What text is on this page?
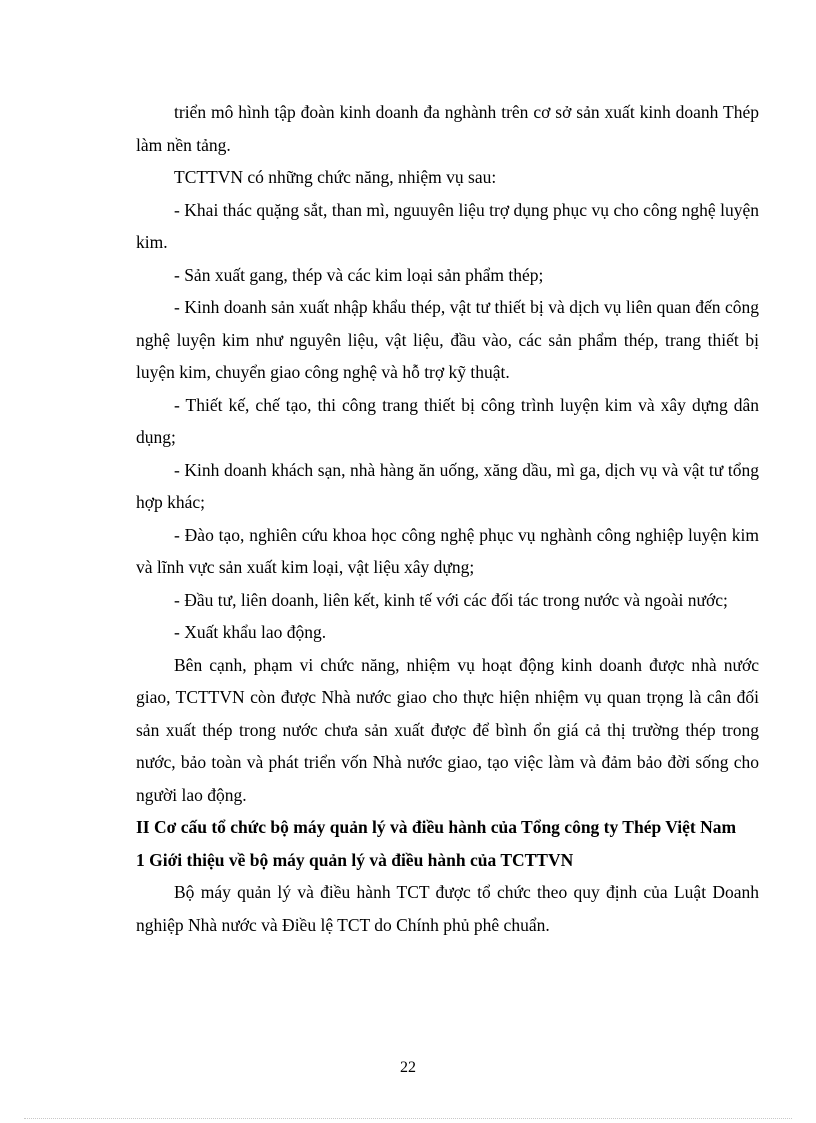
triển mô hình tập đoàn kinh doanh đa nghành trên cơ sở sản xuất kinh doanh Thép làm nền tảng.

TCTTVN có những chức năng, nhiệm vụ sau:

- Khai thác quặng sắt, than mì, nguuyên liệu trợ dụng phục vụ cho công nghệ luyện kim.

- Sản xuất gang, thép và các kim loại sản phẩm thép;

- Kinh doanh sản xuất nhập khẩu thép, vật tư thiết bị và dịch vụ liên quan đến công nghệ luyện kim như nguyên liệu, vật liệu, đầu vào, các sản phẩm thép, trang thiết bị luyện kim, chuyển giao công nghệ và hỗ trợ kỹ thuật.

- Thiết kế, chế tạo, thi công trang thiết bị công trình luyện kim và xây dựng dân dụng;

- Kinh doanh khách sạn, nhà hàng ăn uống, xăng dầu, mì ga, dịch vụ và vật tư tổng hợp khác;

- Đào tạo, nghiên cứu khoa học công nghệ phục vụ nghành công nghiệp luyện kim và lĩnh vực sản xuất kim loại, vật liệu xây dựng;

- Đầu tư, liên doanh, liên kết, kinh tế với các đối tác trong nước và ngoài nước;

- Xuất khẩu lao động.

Bên cạnh, phạm vi chức năng, nhiệm vụ hoạt động kinh doanh được nhà nước giao, TCTTVN còn được Nhà nước giao cho thực hiện nhiệm vụ quan trọng là cân đối sản xuất thép trong nước chưa sản xuất được để bình ổn giá cả thị trường thép trong nước, bảo toàn và phát triển vốn Nhà nước giao, tạo việc làm và đảm bảo đời sống cho người lao động.

II Cơ cấu tổ chức bộ máy quản lý và điều hành của Tổng công ty Thép Việt Nam

1 Giới thiệu về bộ máy quản lý và điều hành của TCTTVN

Bộ máy quản lý và điều hành TCT được tổ chức theo quy định của Luật Doanh nghiệp Nhà nước và Điều lệ TCT do Chính phủ phê chuẩn.

22
